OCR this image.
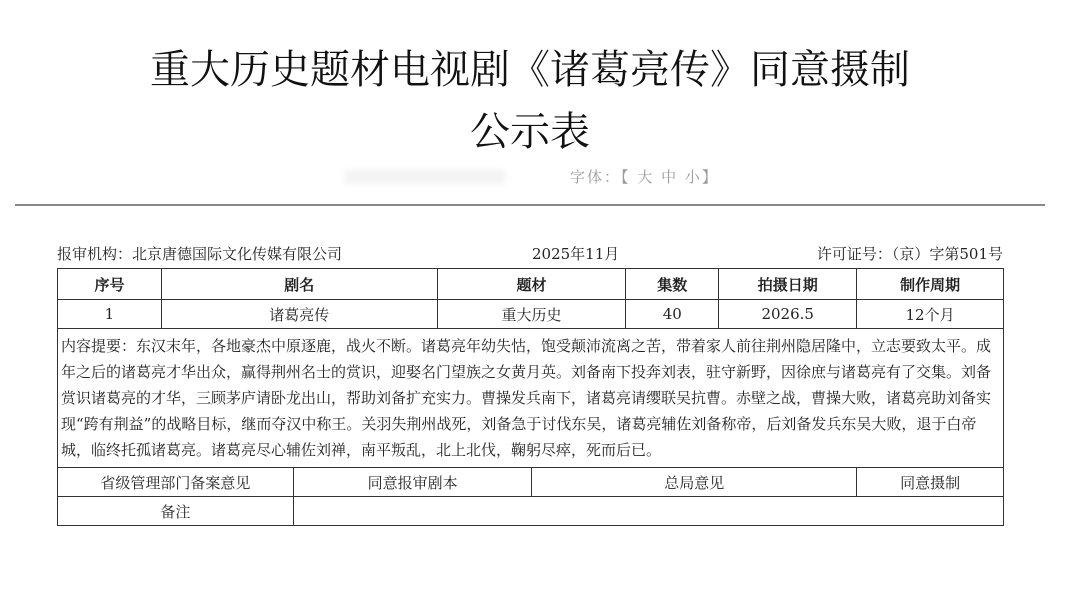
重大历史题材电视剧《诸葛亮传》同意摄制
公示表
字体：【 大 中 小】
报审机构：北京唐德国际文化传媒有限公司	2025年11月	许可证号：（京）字第501号
序号	剧名		题材		集数	拍摄日期	制作周期
1	诸葛亮传		重大历史		40	2026.5	12个月
内容提要：东汉末年，各地豪杰中原逐鹿，战火不断。诸葛亮年幼失怙，饱受颠沛流离之苦，带着家人前往荆州隐居隆中，立志要致太平。成年之后的诸葛亮才华出众，赢得荆州名士的赏识，迎娶名门望族之女黄月英。刘备南下投奔刘表，驻守新野，因徐庶与诸葛亮有了交集。刘备赏识诸葛亮的才华，三顾茅庐请卧龙出山，帮助刘备扩充实力。曹操发兵南下，诸葛亮请缨联吴抗曹。赤壁之战，曹操大败，诸葛亮助刘备实现“跨有荆益”的战略目标，继而夺汉中称王。关羽失荆州战死，刘备急于讨伐东吴，诸葛亮辅佐刘备称帝，后刘备发兵东吴大败，退于白帝城，临终托孤诸葛亮。诸葛亮尽心辅佐刘禅，南平叛乱，北上北伐，鞠躬尽瘁，死而后已。							
省级管理部门备案意见		同意报审剧本		总局意见			同意摄制
备注							
